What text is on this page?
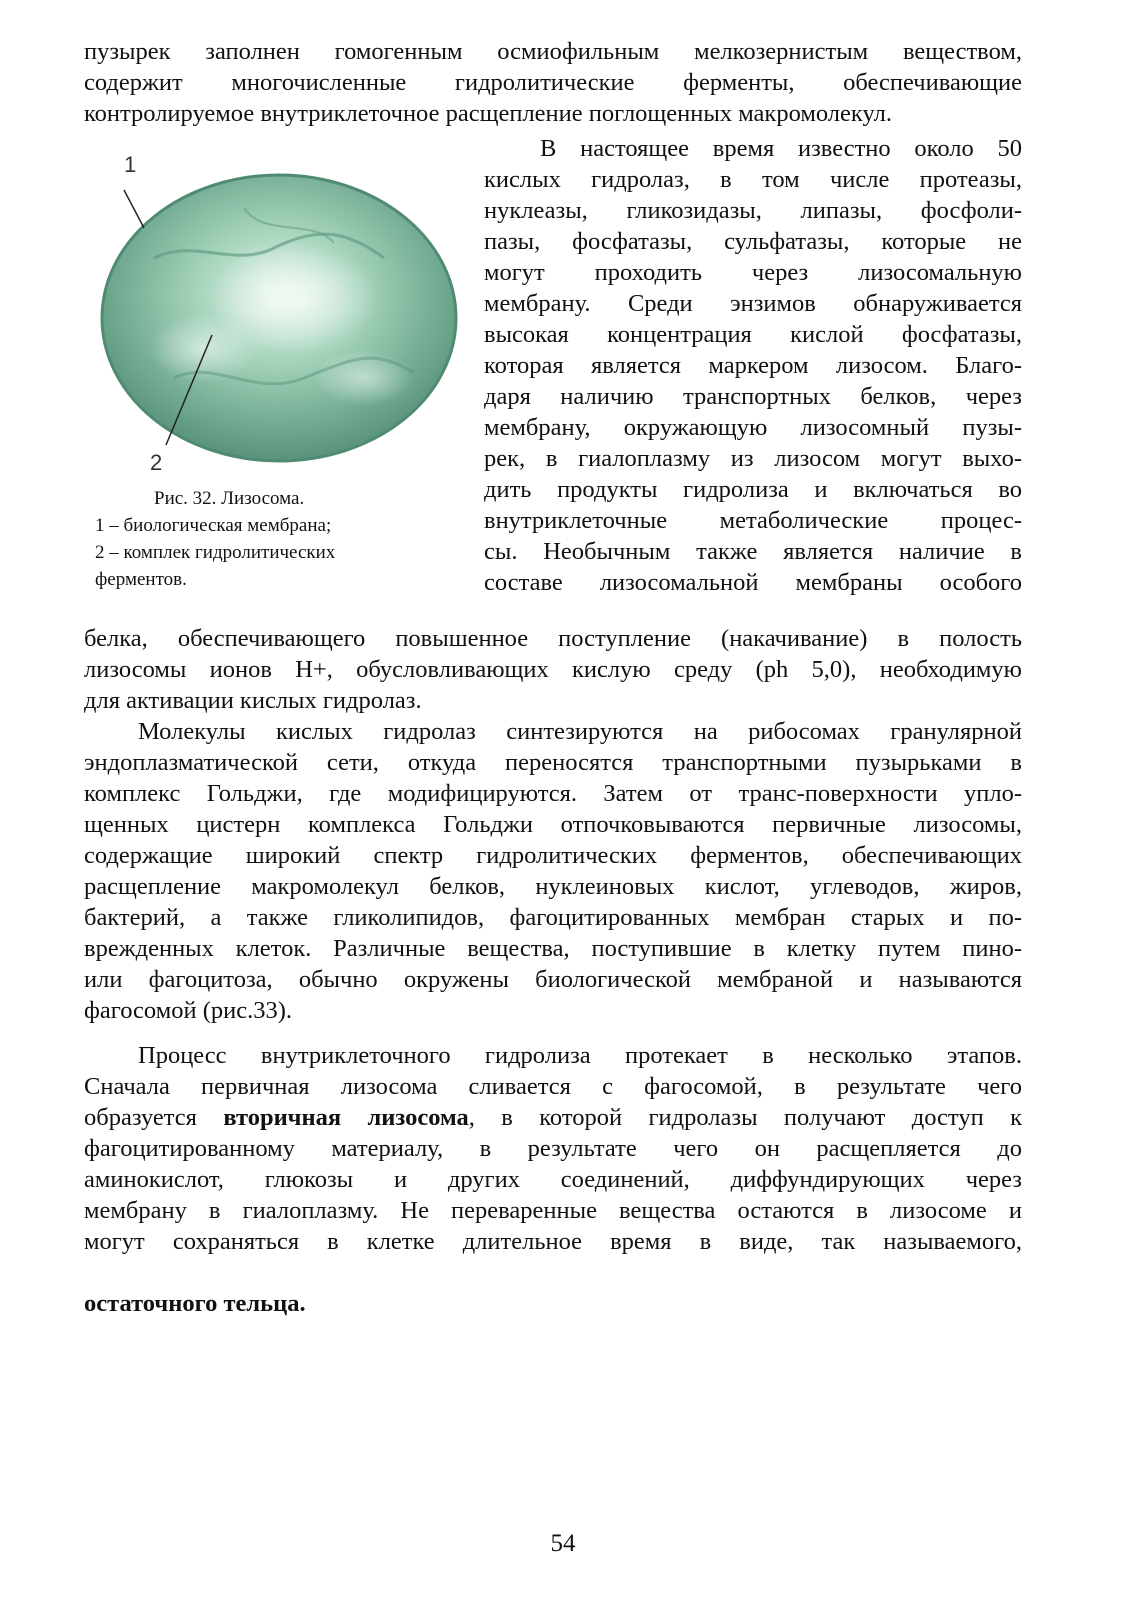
пузырек заполнен гомогенным осмиофильным мелкозернистым веществом,
содержит многочисленные гидролитические ферменты, обеспечивающие
контролируемое внутриклеточное расщепление поглощенных макромолекул.
1
2
Рис. 32. Лизосома.
1 – биологическая мембрана;
2 – комплек гидролитических
ферментов.
В настоящее время известно около 50
кислых гидролаз, в том числе протеазы,
нуклеазы, гликозидазы, липазы, фосфоли-
пазы, фосфатазы, сульфатазы, которые не
могут проходить через лизосомальную
мембрану. Среди энзимов обнаруживается
высокая концентрация кислой фосфатазы,
которая является маркером лизосом. Благо-
даря наличию транспортных белков, через
мембрану, окружающую лизосомный пузы-
рек, в гиалоплазму из лизосом могут выхо-
дить продукты гидролиза и включаться во
внутриклеточные метаболические процес-
сы. Необычным также является наличие в
составе лизосомальной мембраны особого
белка, обеспечивающего повышенное поступление (накачивание) в полость
лизосомы ионов Н+, обусловливающих кислую среду (ph 5,0), необходимую
для активации кислых гидролаз.
Молекулы кислых гидролаз синтезируются на рибосомах гранулярной
эндоплазматической сети, откуда переносятся транспортными пузырьками в
комплекс Гольджи, где модифицируются. Затем от транс-поверхности упло-
щенных цистерн комплекса Гольджи отпочковываются первичные лизосомы,
содержащие широкий спектр гидролитических ферментов, обеспечивающих
расщепление макромолекул белков, нуклеиновых кислот, углеводов, жиров,
бактерий, а также гликолипидов, фагоцитированных мембран старых и по-
врежденных клеток. Различные вещества, поступившие в клетку путем пино-
или фагоцитоза, обычно окружены биологической мембраной и называются
фагосомой (рис.33).
Процесс внутриклеточного гидролиза протекает в несколько этапов.
Сначала первичная лизосома сливается с фагосомой, в результате чего
образуется вторичная лизосома, в которой гидролазы получают доступ к
фагоцитированному материалу, в результате чего он расщепляется до
аминокислот, глюкозы и других соединений, диффундирующих через
мембрану в гиалоплазму. Не переваренные вещества остаются в лизосоме и
могут сохраняться в клетке длительное время в виде, так называемого,
остаточного тельца.
54
